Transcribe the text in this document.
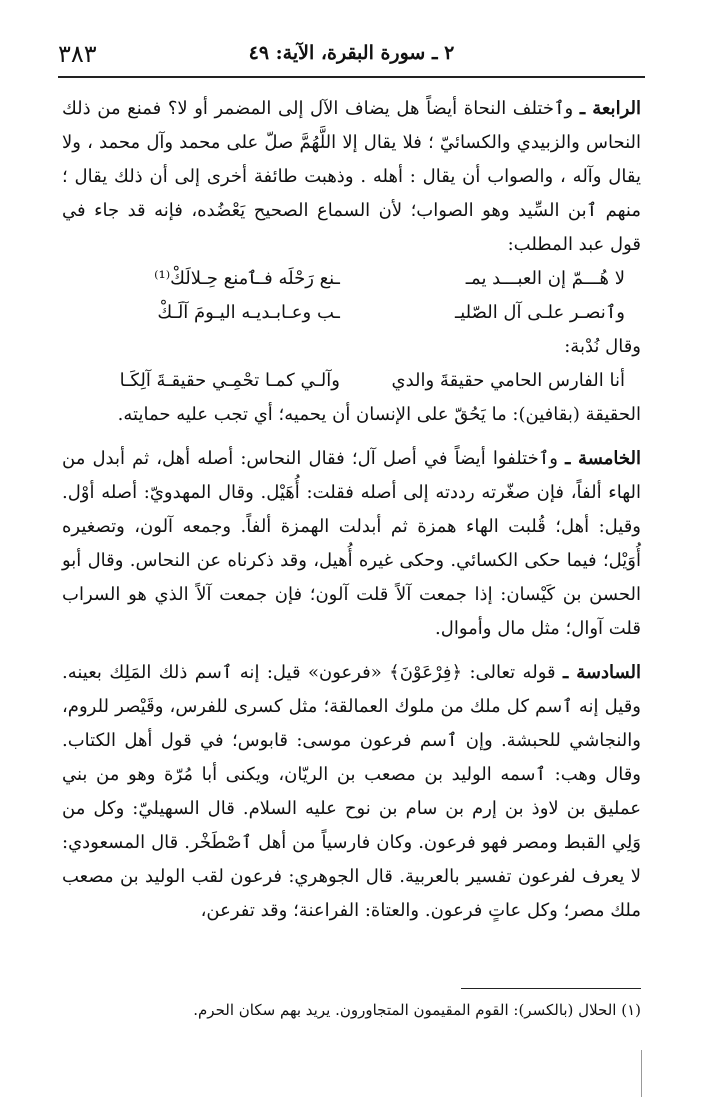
٣٨٣	٢ ـ سورة البقرة، الآية: ٤٩

الرابعة ـ وٱختلف النحاة أيضاً هل يضاف الآل إلى المضمر أو لا؟ فمنع من ذلك النحاس والزبيدي والكسائيّ ؛ فلا يقال إلا اللَّهُمَّ صلّ على محمد وآل محمد ، ولا يقال وآله ، والصواب أن يقال : أهله . وذهبت طائفة أخرى إلى أن ذلك يقال ؛ منهم ٱبن السِّيد وهو الصواب؛ لأن السماع الصحيح يَعْضُده، فإنه قد جاء في قول عبد المطلب:

لا هُـــمّ إن العبـــد يمـ
ـنع رَحْلَه فـٱمنع حِـلالَكْ⁽¹⁾
وٱنصـر علـى آل الصّليـ
ـب وعـابـديـه اليـومَ آلَـكْ

وقال نُدْبة:

أنا الفارس الحامي حقيقةَ والدي
وآلـي كمـا تحْمِـي حقيقـةَ آلِكَـا

الحقيقة (بقافين): ما يَحُقّ على الإنسان أن يحميه؛ أي تجب عليه حمايته.

الخامسة ـ وٱختلفوا أيضاً في أصل آل؛ فقال النحاس: أصله أهل، ثم أبدل من الهاء ألفاً، فإن صغّرته رددته إلى أصله فقلت: أُهَيْل. وقال المهدويّ: أصله أوْل. وقيل: أهل؛ قُلبت الهاء همزة ثم أبدلت الهمزة ألفاً. وجمعه آلون، وتصغيره أُوَيْل؛ فيما حكى الكسائي. وحكى غيره أُهيل، وقد ذكرناه عن النحاس. وقال أبو الحسن بن كَيْسان: إذا جمعت آلاً قلت آلون؛ فإن جمعت آلاً الذي هو السراب قلت آوال؛ مثل مال وأموال.

السادسة ـ قوله تعالى: ﴿فِرْعَوْنَ﴾ «فرعون» قيل: إنه ٱسم ذلك المَلِك بعينه. وقيل إنه ٱسم كل ملك من ملوك العمالقة؛ مثل كسرى للفرس، وقَيْصر للروم، والنجاشي للحبشة. وإن ٱسم فرعون موسى: قابوس؛ في قول أهل الكتاب. وقال وهب: ٱسمه الوليد بن مصعب بن الريّان، ويكنى أبا مُرّة وهو من بني عمليق بن لاوذ بن إرم بن سام بن نوح عليه السلام. قال السهيليّ: وكل من وَلِي القبط ومصر فهو فرعون. وكان فارسياً من أهل ٱصْطَخْر. قال المسعودي: لا يعرف لفرعون تفسير بالعربية. قال الجوهري: فرعون لقب الوليد بن مصعب ملك مصر؛ وكل عاتٍ فرعون. والعتاة: الفراعنة؛ وقد تفرعن،

(١) الحلال (بالكسر): القوم المقيمون المتجاورون. يريد بهم سكان الحرم.
